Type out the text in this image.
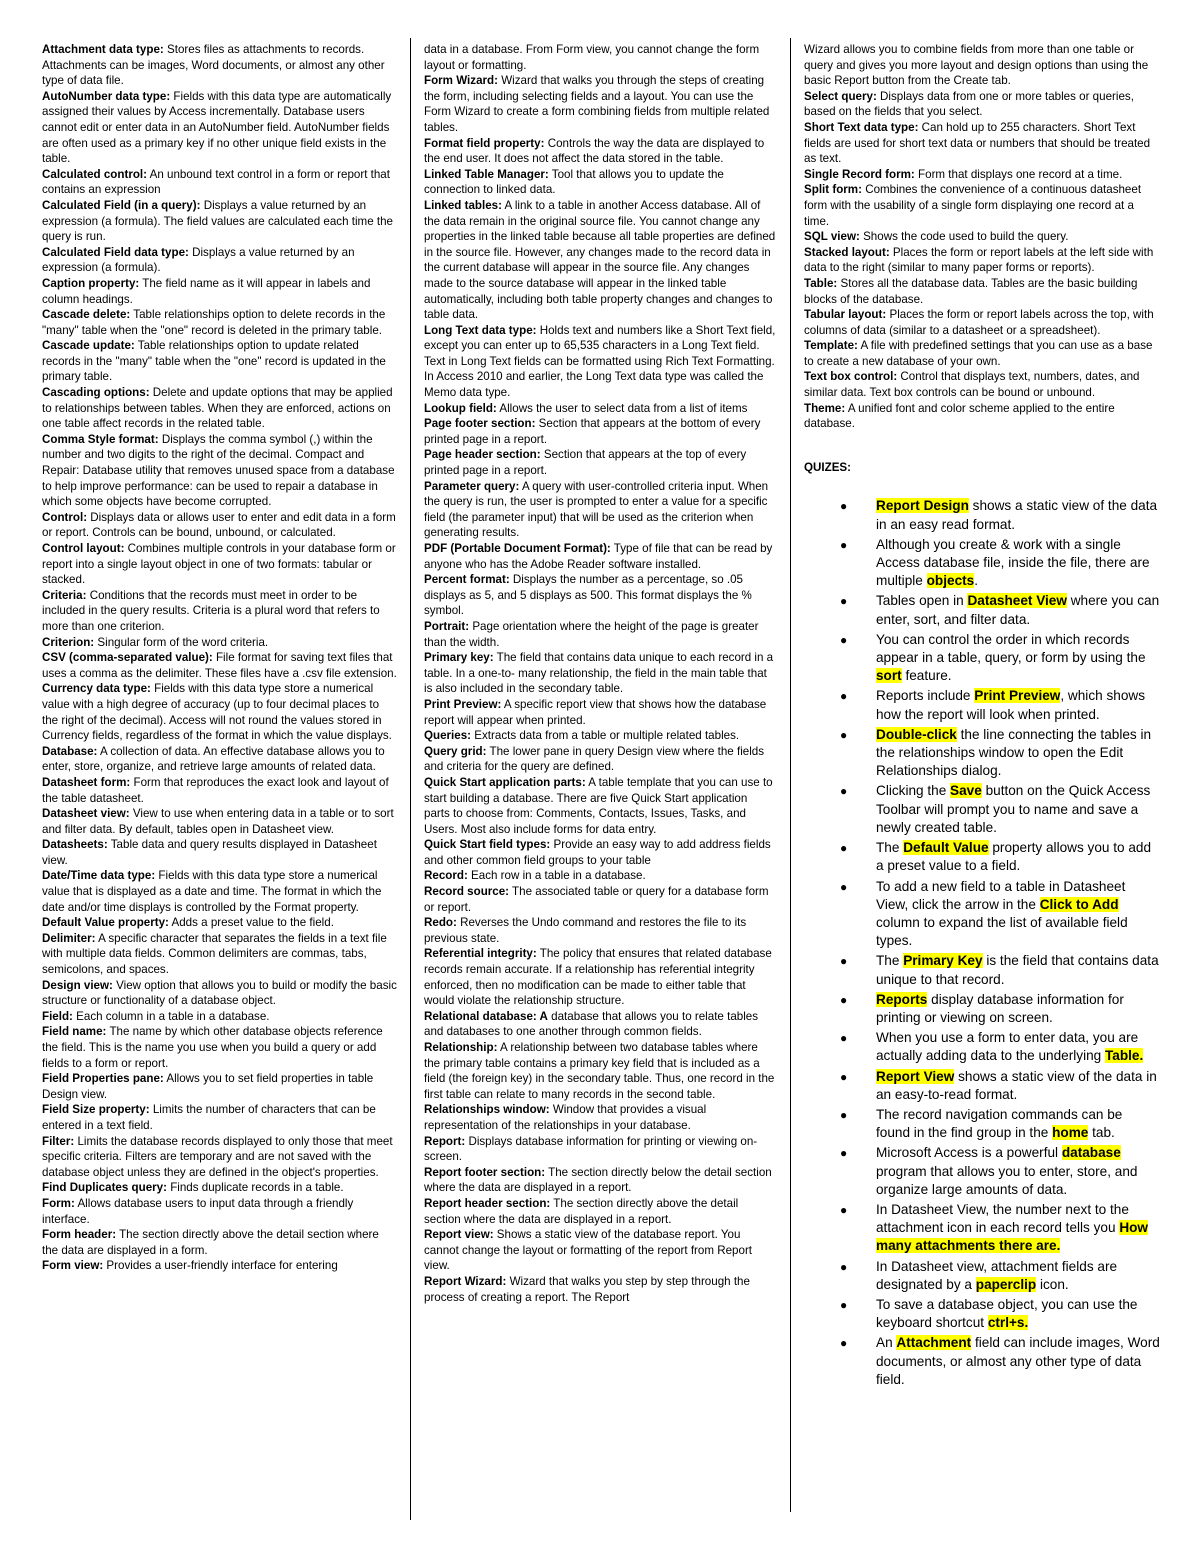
Attachment data type: Stores files as attachments to records. Attachments can be images, Word documents, or almost any other type of data file.

AutoNumber data type: Fields with this data type are automatically assigned their values by Access incrementally. Database users cannot edit or enter data in an AutoNumber field. AutoNumber fields are often used as a primary key if no other unique field exists in the table.

Calculated control: An unbound text control in a form or report that contains an expression

Calculated Field (in a query): Displays a value returned by an expression (a formula). The field values are calculated each time the query is run.

Calculated Field data type: Displays a value returned by an expression (a formula).

Caption property: The field name as it will appear in labels and column headings.

Cascade delete: Table relationships option to delete records in the "many" table when the "one" record is deleted in the primary table.

Cascade update: Table relationships option to update related records in the "many" table when the "one" record is updated in the primary table.

Cascading options: Delete and update options that may be applied to relationships between tables. When they are enforced, actions on one table affect records in the related table.

Comma Style format: Displays the comma symbol (,) within the number and two digits to the right of the decimal. Compact and Repair: Database utility that removes unused space from a database to help improve performance: can be used to repair a database in which some objects have become corrupted.

Control: Displays data or allows user to enter and edit data in a form or report. Controls can be bound, unbound, or calculated.

Control layout: Combines multiple controls in your database form or report into a single layout object in one of two formats: tabular or stacked.

Criteria: Conditions that the records must meet in order to be included in the query results. Criteria is a plural word that refers to more than one criterion.

Criterion: Singular form of the word criteria.

CSV (comma-separated value): File format for saving text files that uses a comma as the delimiter. These files have a .csv file extension.

Currency data type: Fields with this data type store a numerical value with a high degree of accuracy (up to four decimal places to the right of the decimal). Access will not round the values stored in Currency fields, regardless of the format in which the value displays.

Database: A collection of data. An effective database allows you to enter, store, organize, and retrieve large amounts of related data.

Datasheet form: Form that reproduces the exact look and layout of the table datasheet.

Datasheet view: View to use when entering data in a table or to sort and filter data. By default, tables open in Datasheet view.

Datasheets: Table data and query results displayed in Datasheet view.

Date/Time data type: Fields with this data type store a numerical value that is displayed as a date and time. The format in which the date and/or time displays is controlled by the Format property.

Default Value property: Adds a preset value to the field.

Delimiter: A specific character that separates the fields in a text file with multiple data fields. Common delimiters are commas, tabs, semicolons, and spaces.

Design view: View option that allows you to build or modify the basic structure or functionality of a database object.

Field: Each column in a table in a database.

Field name: The name by which other database objects reference the field. This is the name you use when you build a query or add fields to a form or report.

Field Properties pane: Allows you to set field properties in table Design view.

Field Size property: Limits the number of characters that can be entered in a text field.

Filter: Limits the database records displayed to only those that meet specific criteria. Filters are temporary and are not saved with the database object unless they are defined in the object's properties.

Find Duplicates query: Finds duplicate records in a table.

Form: Allows database users to input data through a friendly interface.

Form header: The section directly above the detail section where the data are displayed in a form.

Form view: Provides a user-friendly interface for entering

data in a database. From Form view, you cannot change the form layout or formatting.

Form Wizard: Wizard that walks you through the steps of creating the form, including selecting fields and a layout. You can use the Form Wizard to create a form combining fields from multiple related tables.

Format field property: Controls the way the data are displayed to the end user. It does not affect the data stored in the table.

Linked Table Manager: Tool that allows you to update the connection to linked data.

Linked tables: A link to a table in another Access database. All of the data remain in the original source file. You cannot change any properties in the linked table because all table properties are defined in the source file. However, any changes made to the record data in the current database will appear in the source file. Any changes made to the source database will appear in the linked table automatically, including both table property changes and changes to table data.

Long Text data type: Holds text and numbers like a Short Text field, except you can enter up to 65,535 characters in a Long Text field. Text in Long Text fields can be formatted using Rich Text Formatting. In Access 2010 and earlier, the Long Text data type was called the Memo data type.

Lookup field: Allows the user to select data from a list of items

Page footer section: Section that appears at the bottom of every printed page in a report.

Page header section: Section that appears at the top of every printed page in a report.

Parameter query: A query with user-controlled criteria input. When the query is run, the user is prompted to enter a value for a specific field (the parameter input) that will be used as the criterion when generating results.

PDF (Portable Document Format): Type of file that can be read by anyone who has the Adobe Reader software installed.

Percent format: Displays the number as a percentage, so .05 displays as 5, and 5 displays as 500. This format displays the % symbol.

Portrait: Page orientation where the height of the page is greater than the width.

Primary key: The field that contains data unique to each record in a table. In a one-to- many relationship, the field in the main table that is also included in the secondary table.

Print Preview: A specific report view that shows how the database report will appear when printed.

Queries: Extracts data from a table or multiple related tables.

Query grid: The lower pane in query Design view where the fields and criteria for the query are defined.

Quick Start application parts: A table template that you can use to start building a database. There are five Quick Start application parts to choose from: Comments, Contacts, Issues, Tasks, and Users. Most also include forms for data entry.

Quick Start field types: Provide an easy way to add address fields and other common field groups to your table

Record: Each row in a table in a database.

Record source: The associated table or query for a database form or report.

Redo: Reverses the Undo command and restores the file to its previous state.

Referential integrity: The policy that ensures that related database records remain accurate. If a relationship has referential integrity enforced, then no modification can be made to either table that would violate the relationship structure.

Relational database: A database that allows you to relate tables and databases to one another through common fields.

Relationship: A relationship between two database tables where the primary table contains a primary key field that is included as a field (the foreign key) in the secondary table. Thus, one record in the first table can relate to many records in the second table.

Relationships window: Window that provides a visual representation of the relationships in your database.

Report: Displays database information for printing or viewing on-screen.

Report footer section: The section directly below the detail section where the data are displayed in a report.

Report header section: The section directly above the detail section where the data are displayed in a report.

Report view: Shows a static view of the database report. You cannot change the layout or formatting of the report from Report view.

Report Wizard: Wizard that walks you step by step through the process of creating a report. The Report

Wizard allows you to combine fields from more than one table or query and gives you more layout and design options than using the basic Report button from the Create tab.

Select query: Displays data from one or more tables or queries, based on the fields that you select.

Short Text data type: Can hold up to 255 characters. Short Text fields are used for short text data or numbers that should be treated as text.

Single Record form: Form that displays one record at a time.

Split form: Combines the convenience of a continuous datasheet form with the usability of a single form displaying one record at a time.

SQL view: Shows the code used to build the query.

Stacked layout: Places the form or report labels at the left side with data to the right (similar to many paper forms or reports).

Table: Stores all the database data. Tables are the basic building blocks of the database.

Tabular layout: Places the form or report labels across the top, with columns of data (similar to a datasheet or a spreadsheet).

Template: A file with predefined settings that you can use as a base to create a new database of your own.

Text box control: Control that displays text, numbers, dates, and similar data. Text box controls can be bound or unbound.

Theme: A unified font and color scheme applied to the entire database.

QUIZES:

● Report Design shows a static view of the data in an easy read format.
● Although you create & work with a single Access database file, inside the file, there are multiple objects.
● Tables open in Datasheet View where you can enter, sort, and filter data.
● You can control the order in which records appear in a table, query, or form by using the sort feature.
● Reports include Print Preview, which shows how the report will look when printed.
● Double-click the line connecting the tables in the relationships window to open the Edit Relationships dialog.
● Clicking the Save button on the Quick Access Toolbar will prompt you to name and save a newly created table.
● The Default Value property allows you to add a preset value to a field.
● To add a new field to a table in Datasheet View, click the arrow in the Click to Add column to expand the list of available field types.
● The Primary Key is the field that contains data unique to that record.
● Reports display database information for printing or viewing on screen.
● When you use a form to enter data, you are actually adding data to the underlying Table.
● Report View shows a static view of the data in an easy-to-read format.
● The record navigation commands can be found in the find group in the home tab.
● Microsoft Access is a powerful database program that allows you to enter, store, and organize large amounts of data.
● In Datasheet View, the number next to the attachment icon in each record tells you How many attachments there are.
● In Datasheet view, attachment fields are designated by a paperclip icon.
● To save a database object, you can use the keyboard shortcut ctrl+s.
● An Attachment field can include images, Word documents, or almost any other type of data field.
